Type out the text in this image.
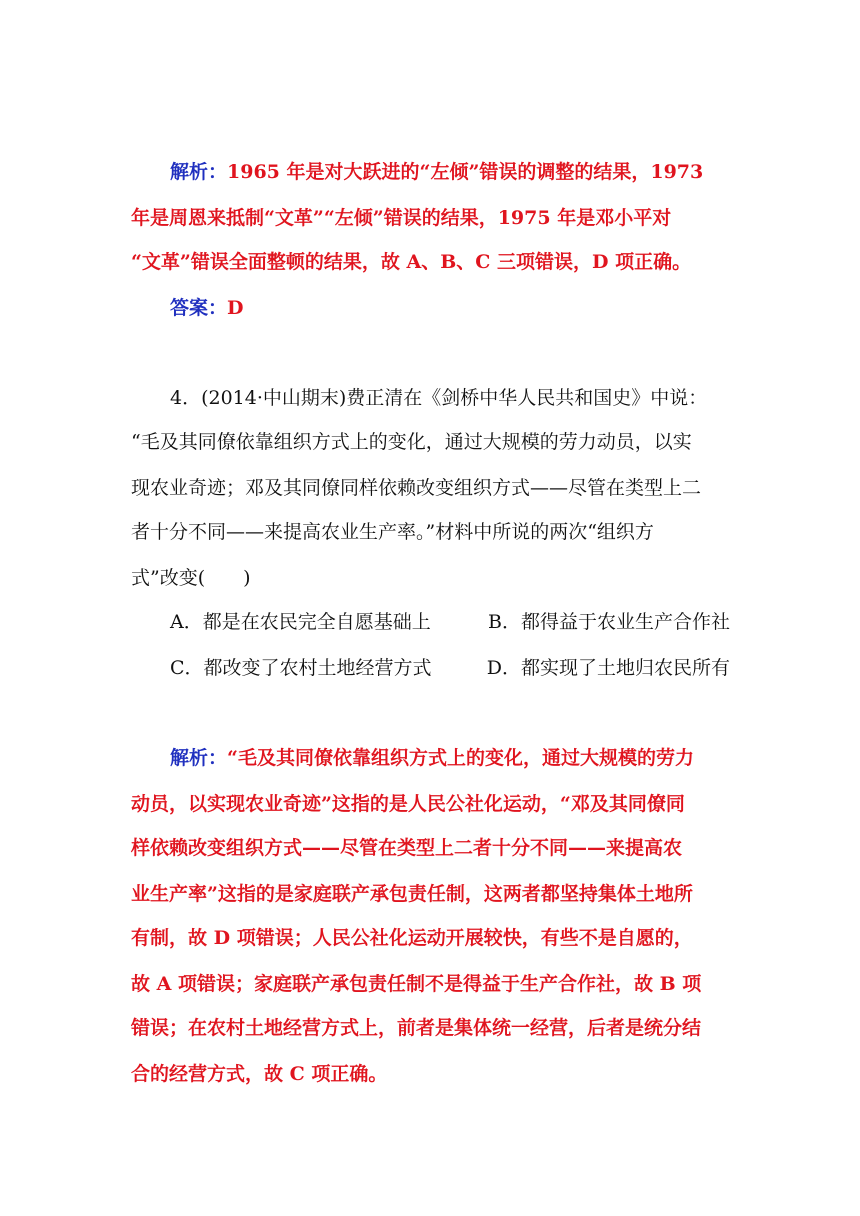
解析：1965 年是对大跃进的“左倾”错误的调整的结果，1973
年是周恩来抵制“文革”“左倾”错误的结果，1975 年是邓小平对
“文革”错误全面整顿的结果，故 A、B、C 三项错误，D 项正确。
答案：D
4．(2014·中山期末)费正清在《剑桥中华人民共和国史》中说：
“毛及其同僚依靠组织方式上的变化，通过大规模的劳力动员，以实
现农业奇迹；邓及其同僚同样依赖改变组织方式——尽管在类型上二
者十分不同——来提高农业生产率。”材料中所说的两次“组织方
式”改变(　　)
A．都是在农民完全自愿基础上	B．都得益于农业生产合作社
C．都改变了农村土地经营方式	D．都实现了土地归农民所有
解析：“毛及其同僚依靠组织方式上的变化，通过大规模的劳力
动员，以实现农业奇迹”这指的是人民公社化运动，“邓及其同僚同
样依赖改变组织方式——尽管在类型上二者十分不同——来提高农
业生产率”这指的是家庭联产承包责任制，这两者都坚持集体土地所
有制，故 D 项错误；人民公社化运动开展较快，有些不是自愿的，
故 A 项错误；家庭联产承包责任制不是得益于生产合作社，故 B 项
错误；在农村土地经营方式上，前者是集体统一经营，后者是统分结
合的经营方式，故 C 项正确。
